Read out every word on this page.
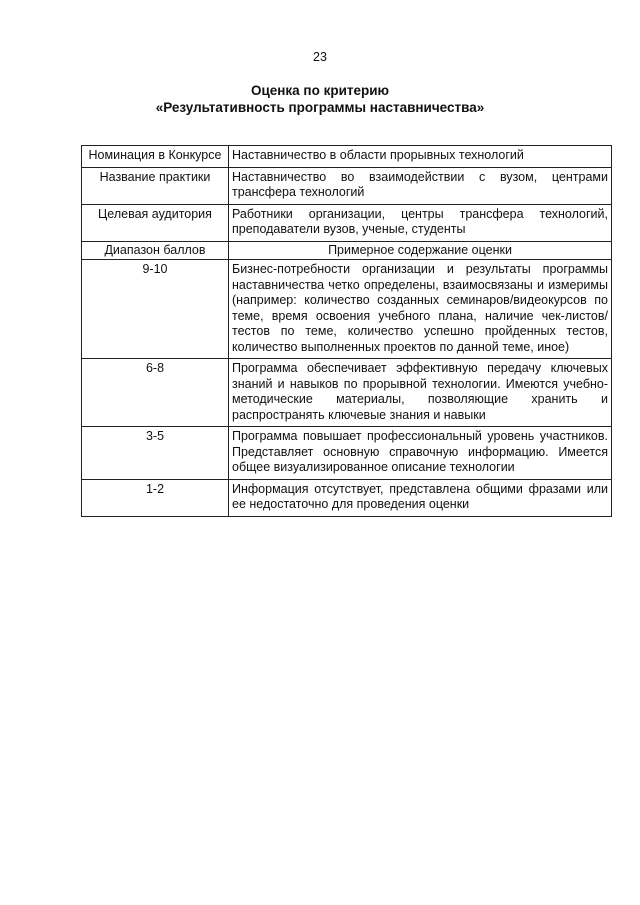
23
Оценка по критерию
«Результативность программы наставничества»
Номинация в Конкурсе	Наставничество в области прорывных технологий
Название практики	Наставничество во взаимодействии с вузом, центрами трансфера технологий
Целевая аудитория	Работники организации, центры трансфера технологий, преподаватели вузов, ученые, студенты
Диапазон баллов	Примерное содержание оценки
9-10	Бизнес-потребности организации и результаты программы наставничества четко определены, взаимосвязаны и измеримы (например: количество созданных семинаров/видеокурсов по теме, время освоения учебного плана, наличие чек-листов/ тестов по теме, количество успешно пройденных тестов, количество выполненных проектов по данной теме, иное)
6-8	Программа обеспечивает эффективную передачу ключевых знаний и навыков по прорывной технологии. Имеются учебно-методические материалы, позволяющие хранить и распространять ключевые знания и навыки
3-5	Программа повышает профессиональный уровень участников. Представляет основную справочную информацию. Имеется общее визуализированное описание технологии
1-2	Информация отсутствует, представлена общими фразами или ее недостаточно для проведения оценки
